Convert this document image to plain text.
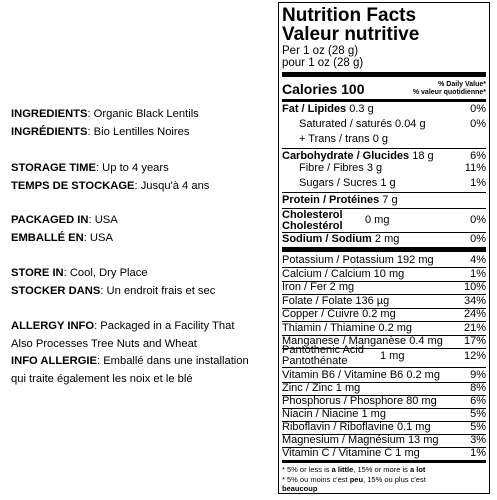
INGREDIENTS: Organic Black Lentils
INGRÉDIENTS: Bio Lentilles Noires
STORAGE TIME: Up to 4 years
TEMPS DE STOCKAGE: Jusqu'à 4 ans
PACKAGED IN: USA
EMBALLÉ EN: USA
STORE IN: Cool, Dry Place
STOCKER DANS: Un endroit frais et sec
ALLERGY INFO: Packaged in a Facility That
Also Processes Tree Nuts and Wheat
INFO ALLERGIE: Emballé dans une installation
qui traite également les noix et le blé
Nutrition Facts
Valeur nutritive
Per 1 oz (28 g)
pour 1 oz (28 g)
Calories 100	% Daily Value*
% valeur quotidienne*
Fat / Lipides 0.3 g	0%
Saturated / saturés 0.04 g	0%
+ Trans / trans 0 g
Carbohydrate / Glucides 18 g	6%
Fibre / Fibres 3 g	11%
Sugars / Sucres 1 g	1%
Protein / Protéines 7 g
Cholesterol
Cholestérol	0 mg	0%
Sodium / Sodium 2 mg	0%
Potassium / Potassium 192 mg	4%
Calcium / Calcium 10 mg	1%
Iron / Fer 2 mg	10%
Folate / Folate 136 µg	34%
Copper / Cuivre 0.2 mg	24%
Thiamin / Thiamine 0.2 mg	21%
Manganese / Manganèse 0.4 mg	17%
Pantothenic Acid
Pantothénate	1 mg	12%
Vitamin B6 / Vitamine B6 0.2 mg	9%
Zinc / Zinc 1 mg	8%
Phosphorus / Phosphore 80 mg	6%
Niacin / Niacine 1 mg	5%
Riboflavin / Riboflavine 0.1 mg	5%
Magnesium / Magnésium 13 mg	3%
Vitamin C / Vitamine C 1 mg	1%
* 5% or less is a little, 15% or more is a lot
* 5% ou moins c'est peu, 15% ou plus c'est
beaucoup
